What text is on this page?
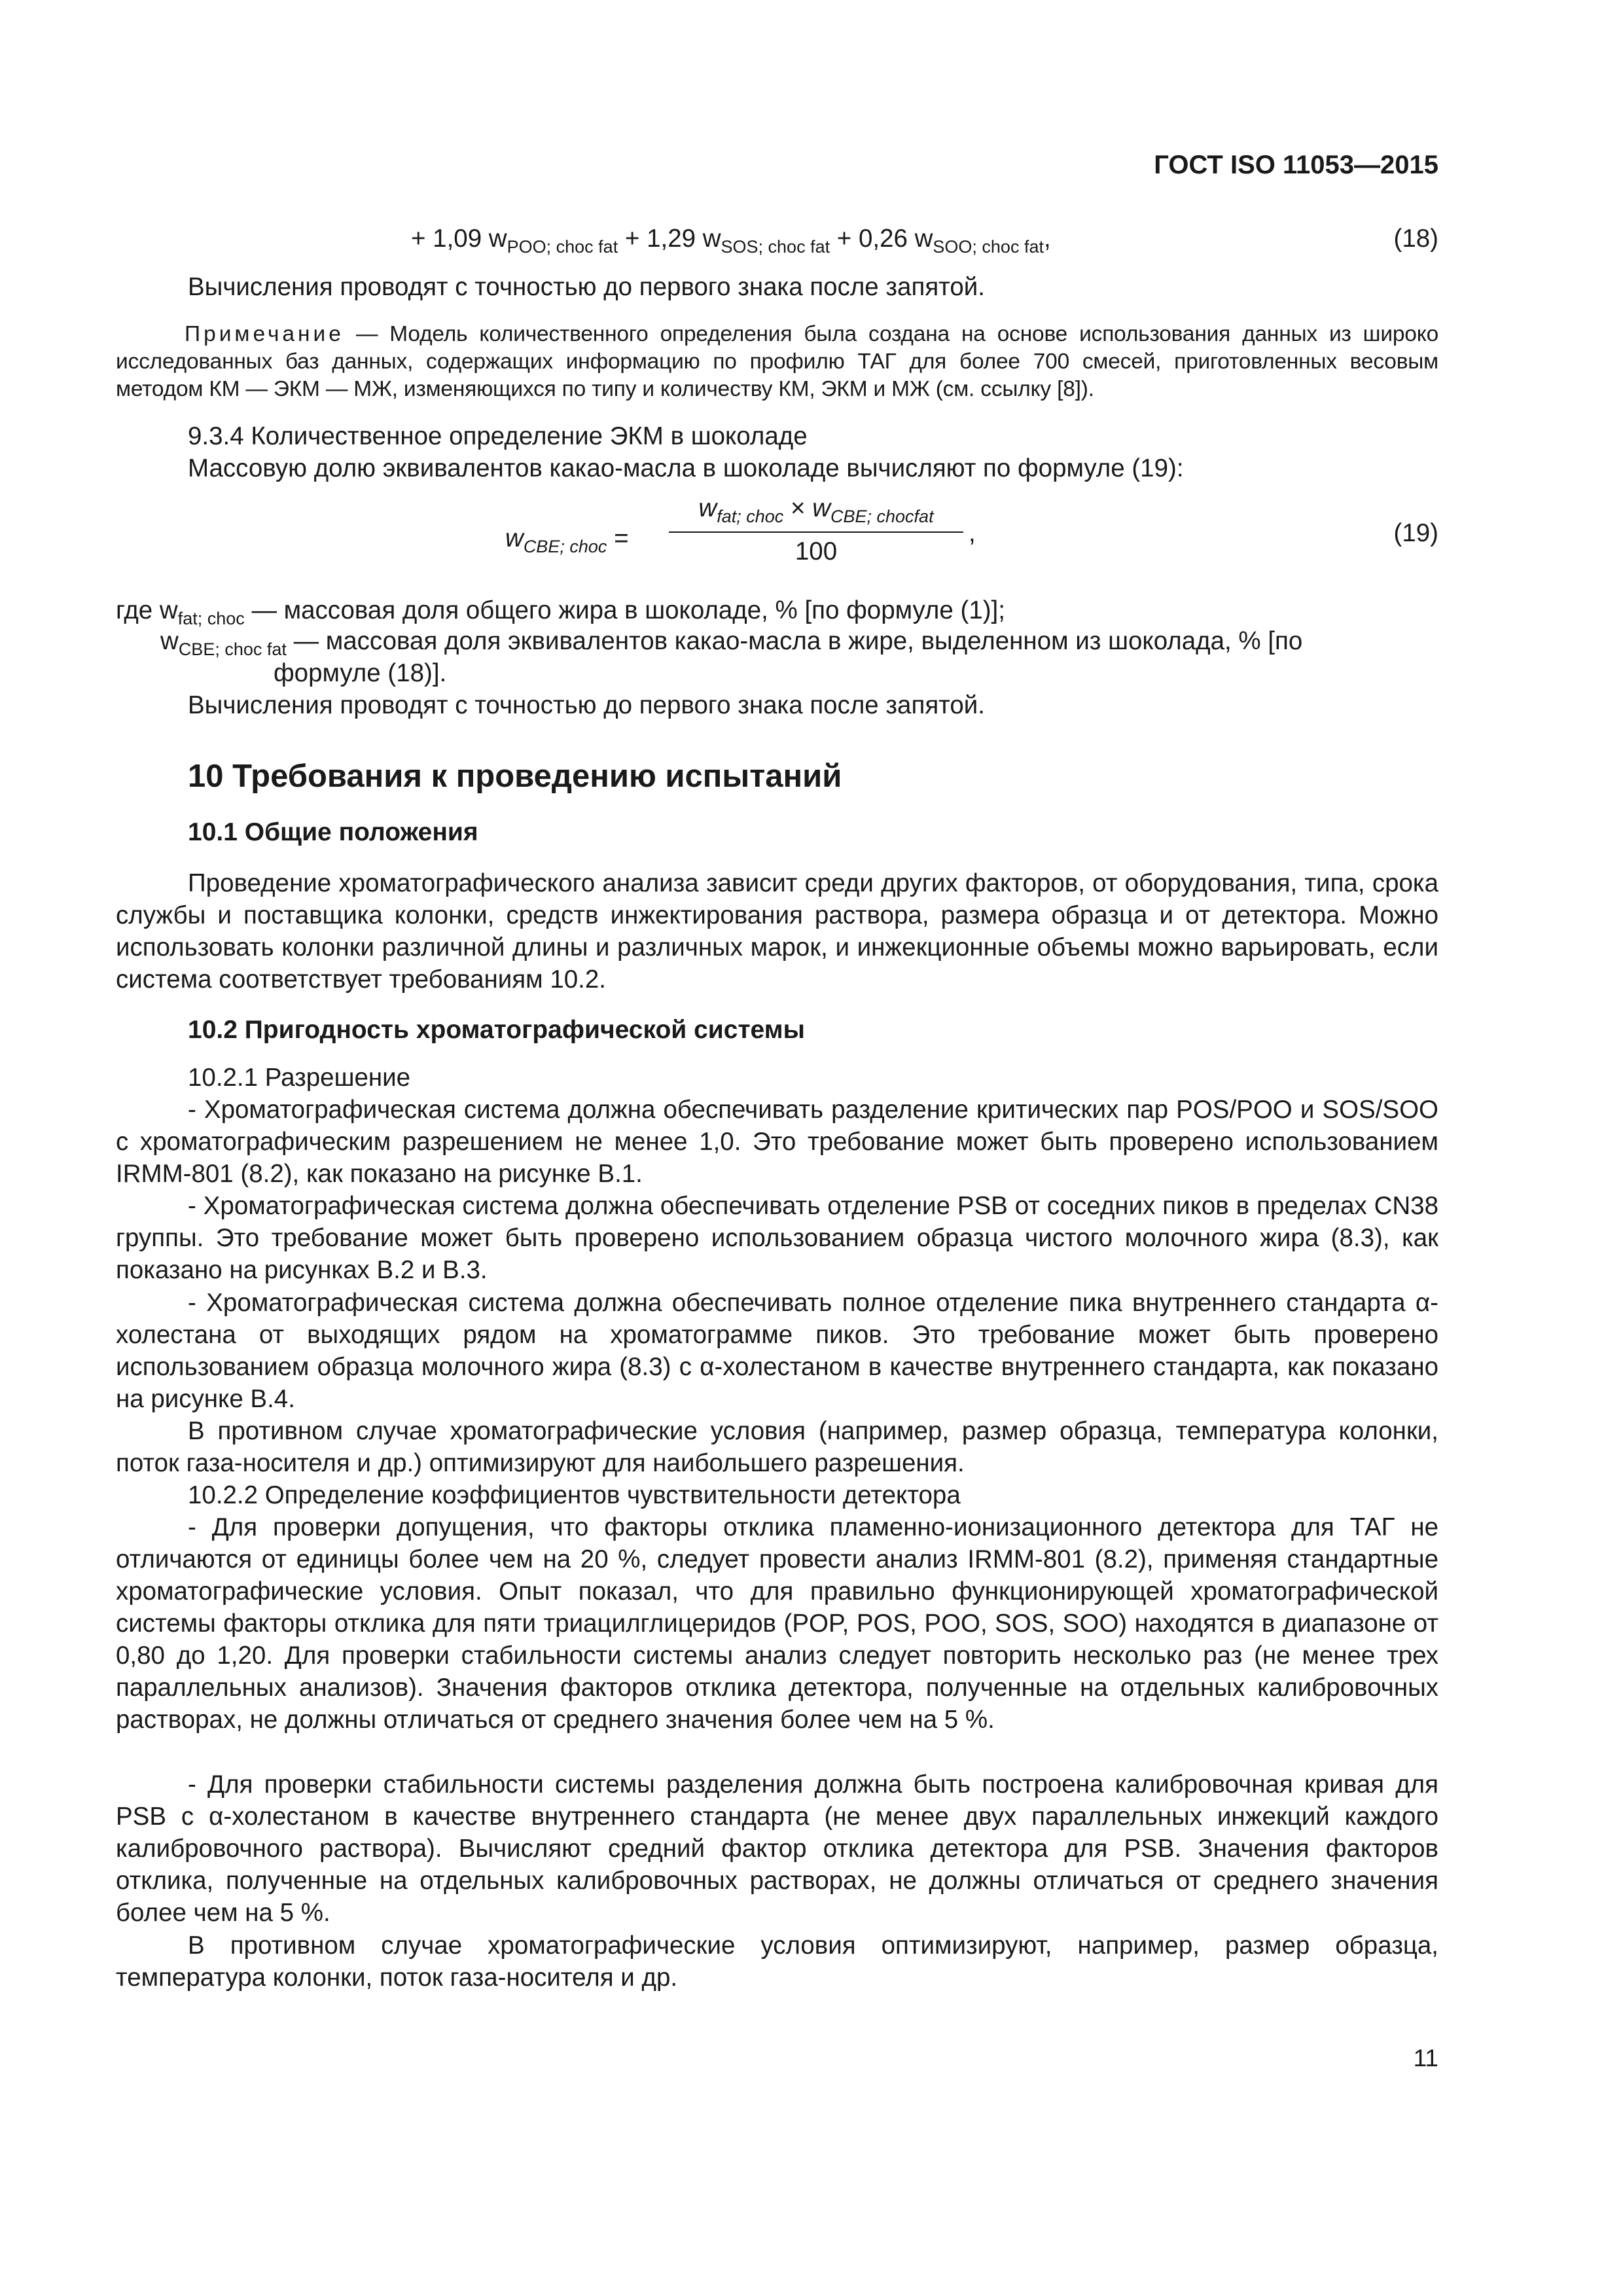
ГОСТ ISO 11053—2015
+ 1,09 $w_{POO; choc fat} + 1,29$ $w_{SOS; choc fat} + 0,26$ $w_{SOO; choc fat}$,	(18)

Вычисления проводят с точностью до первого знака после запятой.

Примечание — Модель количественного определения была создана на основе использования данных из широко исследованных баз данных, содержащих информацию по профилю ТАГ для более 700 смесей, приготовленных весовым методом КМ — ЭКМ — МЖ, изменяющихся по типу и количеству КМ, ЭКМ и МЖ (см. ссылку [8]).

9.3.4 Количественное определение ЭКМ в шоколаде

Массовую долю эквивалентов какао-масла в шоколаде вычисляют по формуле (19):

$w_{CBE; choc}$ =
$w_{fat; choc} \times w_{CBE; chocfat}$
100
,	(19)
где $w_{fat; choc}$ — массовая доля общего жира в шоколаде, % [по формуле (1)];
$w_{CBE; choc fat}$ — массовая доля эквивалентов какао-масла в жире, выделенном из шоколада, % [по
формуле (18)].

Вычисления проводят с точностью до первого знака после запятой.

10 Требования к проведению испытаний
10.1 Общие положения

Проведение хроматографического анализа зависит среди других факторов, от оборудования, типа, срока службы и поставщика колонки, средств инжектирования раствора, размера образца и от детектора. Можно использовать колонки различной длины и различных марок, и инжекционные объемы можно варьировать, если система соответствует требованиям 10.2.

10.2 Пригодность хроматографической системы

10.2.1 Разрешение

- Хроматографическая система должна обеспечивать разделение критических пар POS/POO и SOS/SOO с хроматографическим разрешением не менее 1,0. Это требование может быть проверено использованием IRMM-801 (8.2), как показано на рисунке В.1.

- Хроматографическая система должна обеспечивать отделение PSB от соседних пиков в пределах CN38 группы. Это требование может быть проверено использованием образца чистого молочного жира (8.3), как показано на рисунках В.2 и В.3.

- Хроматографическая система должна обеспечивать полное отделение пика внутреннего стандарта α-холестана от выходящих рядом на хроматограмме пиков. Это требование может быть проверено использованием образца молочного жира (8.3) с α-холестаном в качестве внутреннего стандарта, как показано на рисунке В.4.

В противном случае хроматографические условия (например, размер образца, температура колонки, поток газа-носителя и др.) оптимизируют для наибольшего разрешения.

10.2.2 Определение коэффициентов чувствительности детектора

- Для проверки допущения, что факторы отклика пламенно-ионизационного детектора для ТАГ не отличаются от единицы более чем на 20 %, следует провести анализ IRMM-801 (8.2), применяя стандартные хроматографические условия. Опыт показал, что для правильно функционирующей хроматографической системы факторы отклика для пяти триацилглицеридов (POP, POS, POO, SOS, SOO) находятся в диапазоне от 0,80 до 1,20. Для проверки стабильности системы анализ следует повторить несколько раз (не менее трех параллельных анализов). Значения факторов отклика детектора, полученные на отдельных калибровочных растворах, не должны отличаться от среднего значения более чем на 5 %.

- Для проверки стабильности системы разделения должна быть построена калибровочная кривая для PSB с α-холестаном в качестве внутреннего стандарта (не менее двух параллельных инжекций каждого калибровочного раствора). Вычисляют средний фактор отклика детектора для PSB. Значения факторов отклика, полученные на отдельных калибровочных растворах, не должны отличаться от среднего значения более чем на 5 %.

В противном случае хроматографические условия оптимизируют, например, размер образца, температура колонки, поток газа-носителя и др.

11
